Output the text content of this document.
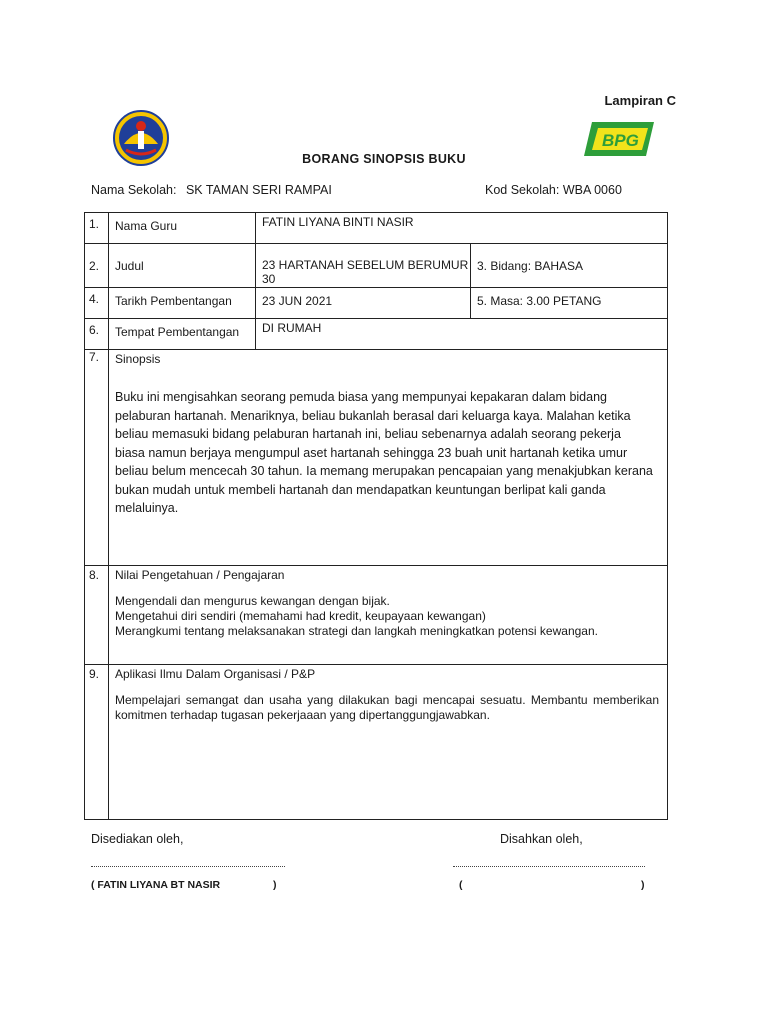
Lampiran C
BPG
BORANG SINOPSIS BUKU
Nama Sekolah: SK TAMAN SERI RAMPAI	Kod Sekolah: WBA 0060
1.	Nama Guru	FATIN LIYANA BINTI NASIR	

2.	Judul	23 HARTANAH SEBELUM BERUMUR 30	3. Bidang: BAHASA

4.	Tarikh Pembentangan	23 JUN 2021	5. Masa: 3.00 PETANG

6.	Tempat Pembentangan	DI RUMAH	

7.	Sinopsis
Buku ini mengisahkan seorang pemuda biasa yang mempunyai kepakaran dalam bidang pelaburan hartanah. Menariknya, beliau bukanlah berasal dari keluarga kaya. Malahan ketika beliau memasuki bidang pelaburan hartanah ini, beliau sebenarnya adalah seorang pekerja biasa namun berjaya mengumpul aset hartanah sehingga 23 buah unit hartanah ketika umur beliau belum mencecah 30 tahun. Ia memang merupakan pencapaian yang menakjubkan kerana bukan mudah untuk membeli hartanah dan mendapatkan keuntungan berlipat kali ganda melaluinya.		

8.	Nilai Pengetahuan / Pengajaran
Mengendali dan mengurus kewangan dengan bijak.
Mengetahui diri sendiri (memahami had kredit, keupayaan kewangan)
Merangkumi tentang melaksanakan strategi dan langkah meningkatkan potensi kewangan.		

9.	Aplikasi Ilmu Dalam Organisasi / P&P
Mempelajari semangat dan usaha yang dilakukan bagi mencapai sesuatu. Membantu memberikan komitmen terhadap tugasan pekerjaaan yang dipertanggungjawabkan.		
Disediakan oleh,	Disahkan oleh,
( FATIN LIYANA BT NASIR	)	(	)
